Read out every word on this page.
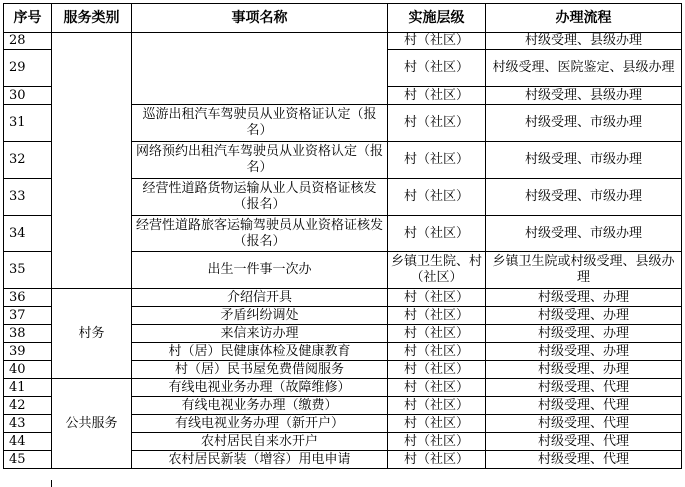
序号	服务类别	事项名称	实施层级	办理流程
28			村（社区）	村级受理、县级办理
29			村（社区）	村级受理、医院鉴定、县级办理
30			村（社区）	村级受理、县级办理
31		巡游出租汽车驾驶员从业资格证认定（报名）	村（社区）	村级受理、市级办理
32		网络预约出租汽车驾驶员从业资格认定（报名）	村（社区）	村级受理、市级办理
33		经营性道路货物运输从业人员资格证核发（报名）	村（社区）	村级受理、市级办理
34		经营性道路旅客运输驾驶员从业资格证核发（报名）	村（社区）	村级受理、市级办理
35		出生一件事一次办	乡镇卫生院、村（社区）	乡镇卫生院或村级受理、县级办理
36	村务	介绍信开具	村（社区）	村级受理、办理
37		矛盾纠纷调处	村（社区）	村级受理、办理
38		来信来访办理	村（社区）	村级受理、办理
39		村（居）民健康体检及健康教育	村（社区）	村级受理、办理
40		村（居）民书屋免费借阅服务	村（社区）	村级受理、办理
41	公共服务	有线电视业务办理（故障维修）	村（社区）	村级受理、代理
42		有线电视业务办理（缴费）	村（社区）	村级受理、代理
43		有线电视业务办理（新开户）	村（社区）	村级受理、代理
44		农村居民自来水开户	村（社区）	村级受理、代理
45		农村居民新装（增容）用电申请	村（社区）	村级受理、代理
